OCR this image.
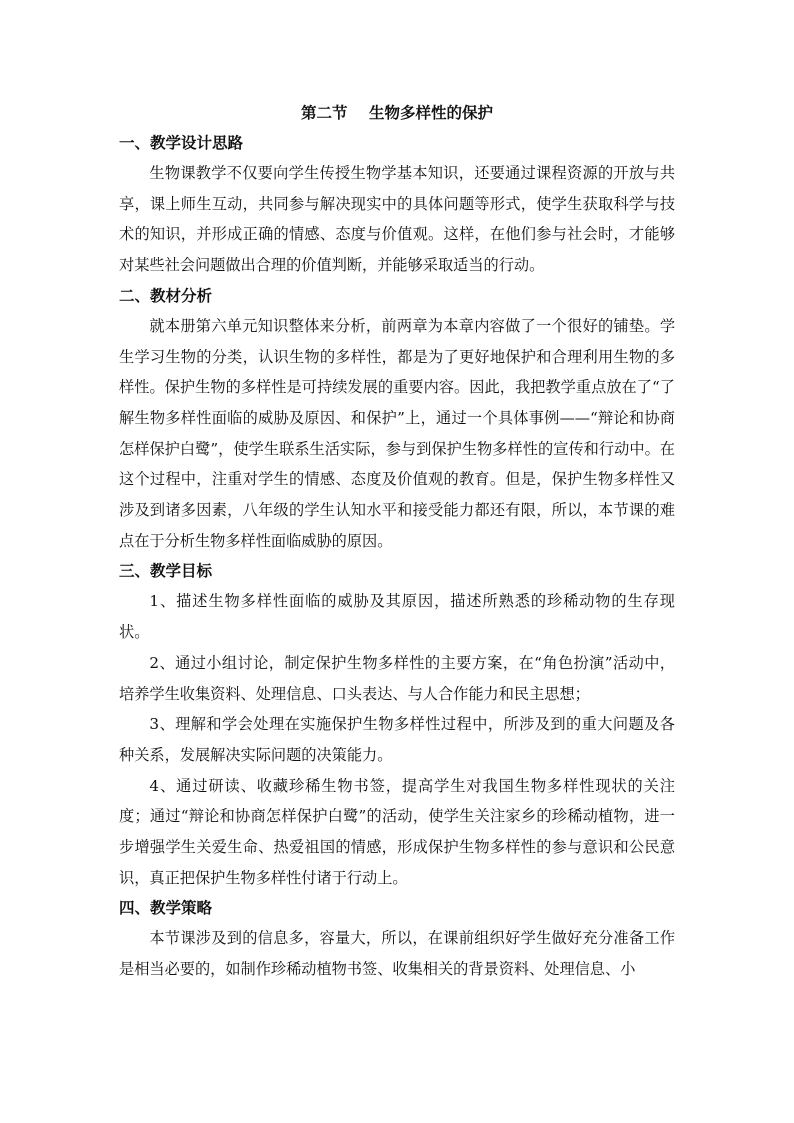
第二节    生物多样性的保护
一、教学设计思路

生物课教学不仅要向学生传授生物学基本知识，还要通过课程资源的开放与共享，课上师生互动，共同参与解决现实中的具体问题等形式，使学生获取科学与技术的知识，并形成正确的情感、态度与价值观。这样，在他们参与社会时，才能够对某些社会问题做出合理的价值判断，并能够采取适当的行动。

二、教材分析

就本册第六单元知识整体来分析，前两章为本章内容做了一个很好的铺垫。学生学习生物的分类，认识生物的多样性，都是为了更好地保护和合理利用生物的多样性。保护生物的多样性是可持续发展的重要内容。因此，我把教学重点放在了“了解生物多样性面临的威胁及原因、和保护”上，通过一个具体事例——“辩论和协商怎样保护白鹭”，使学生联系生活实际，参与到保护生物多样性的宣传和行动中。在这个过程中，注重对学生的情感、态度及价值观的教育。但是，保护生物多样性又涉及到诸多因素，八年级的学生认知水平和接受能力都还有限，所以，本节课的难点在于分析生物多样性面临威胁的原因。

三、教学目标

1、描述生物多样性面临的威胁及其原因，描述所熟悉的珍稀动物的生存现状。

2、通过小组讨论，制定保护生物多样性的主要方案，在“角色扮演”活动中，培养学生收集资料、处理信息、口头表达、与人合作能力和民主思想；

3、理解和学会处理在实施保护生物多样性过程中，所涉及到的重大问题及各种关系，发展解决实际问题的决策能力。

4、通过研读、收藏珍稀生物书签，提高学生对我国生物多样性现状的关注度；通过“辩论和协商怎样保护白鹭”的活动，使学生关注家乡的珍稀动植物，进一步增强学生关爱生命、热爱祖国的情感，形成保护生物多样性的参与意识和公民意识，真正把保护生物多样性付诸于行动上。

四、教学策略

本节课涉及到的信息多，容量大，所以，在课前组织好学生做好充分准备工作是相当必要的，如制作珍稀动植物书签、收集相关的背景资料、处理信息、小
